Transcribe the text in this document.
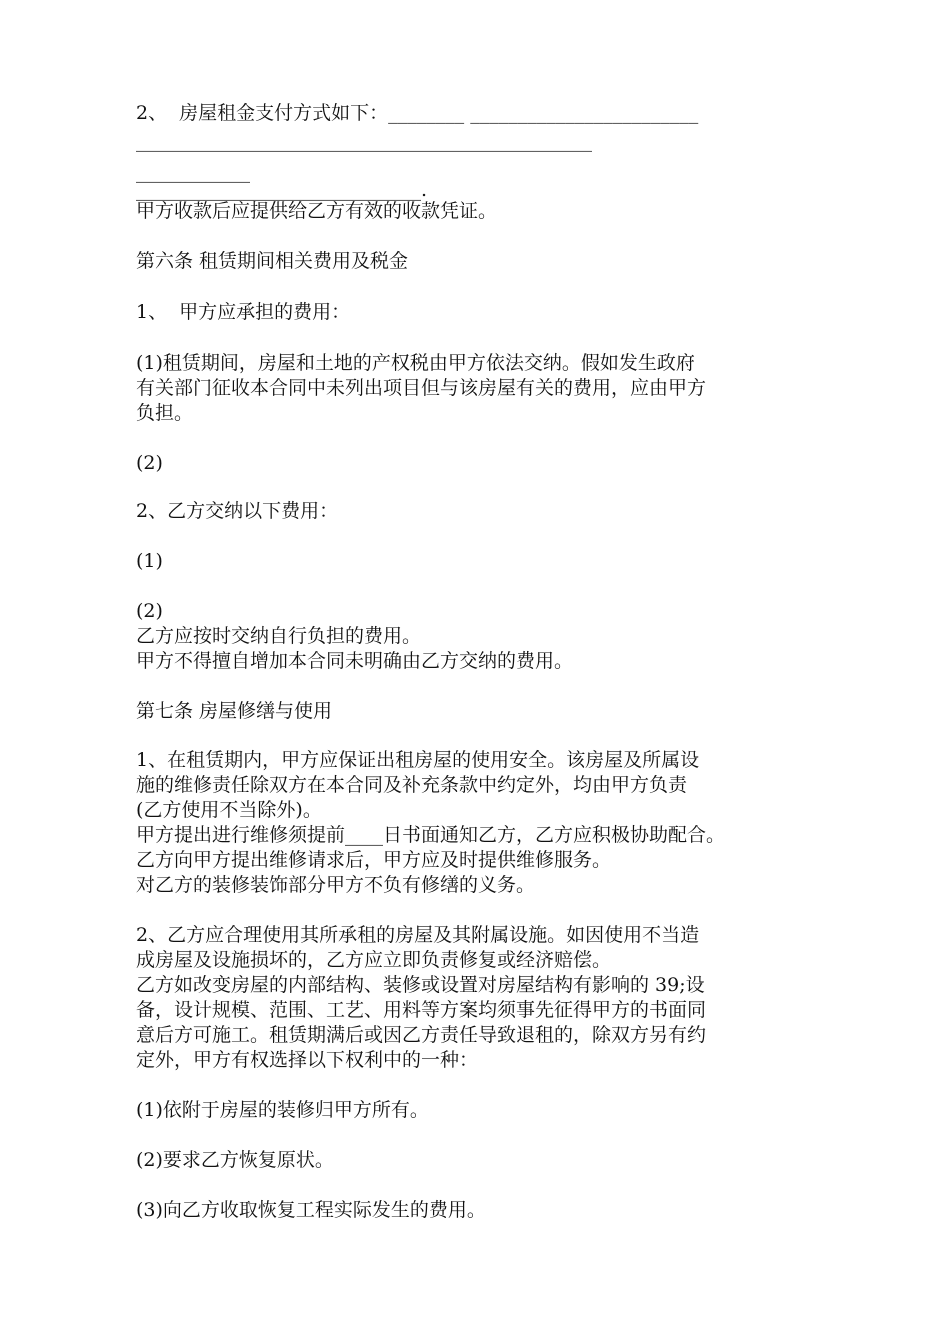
2、  房屋租金支付方式如下：________ ________________________
________________________________________________
____________
______________________________.
甲方收款后应提供给乙方有效的收款凭证。
第六条 租赁期间相关费用及税金
1、  甲方应承担的费用：
(1)租赁期间，房屋和土地的产权税由甲方依法交纳。假如发生政府
有关部门征收本合同中未列出项目但与该房屋有关的费用，应由甲方
负担。
(2)
2、乙方交纳以下费用：
(1)
(2)
乙方应按时交纳自行负担的费用。
甲方不得擅自增加本合同未明确由乙方交纳的费用。
第七条 房屋修缮与使用
1、在租赁期内，甲方应保证出租房屋的使用安全。该房屋及所属设
施的维修责任除双方在本合同及补充条款中约定外，均由甲方负责
(乙方使用不当除外)。
甲方提出进行维修须提前____日书面通知乙方，乙方应积极协助配合。
乙方向甲方提出维修请求后，甲方应及时提供维修服务。
对乙方的装修装饰部分甲方不负有修缮的义务。
2、乙方应合理使用其所承租的房屋及其附属设施。如因使用不当造
成房屋及设施损坏的，乙方应立即负责修复或经济赔偿。
乙方如改变房屋的内部结构、装修或设置对房屋结构有影响的 39;设
备，设计规模、范围、工艺、用料等方案均须事先征得甲方的书面同
意后方可施工。租赁期满后或因乙方责任导致退租的，除双方另有约
定外，甲方有权选择以下权利中的一种：
(1)依附于房屋的装修归甲方所有。
(2)要求乙方恢复原状。
(3)向乙方收取恢复工程实际发生的费用。
